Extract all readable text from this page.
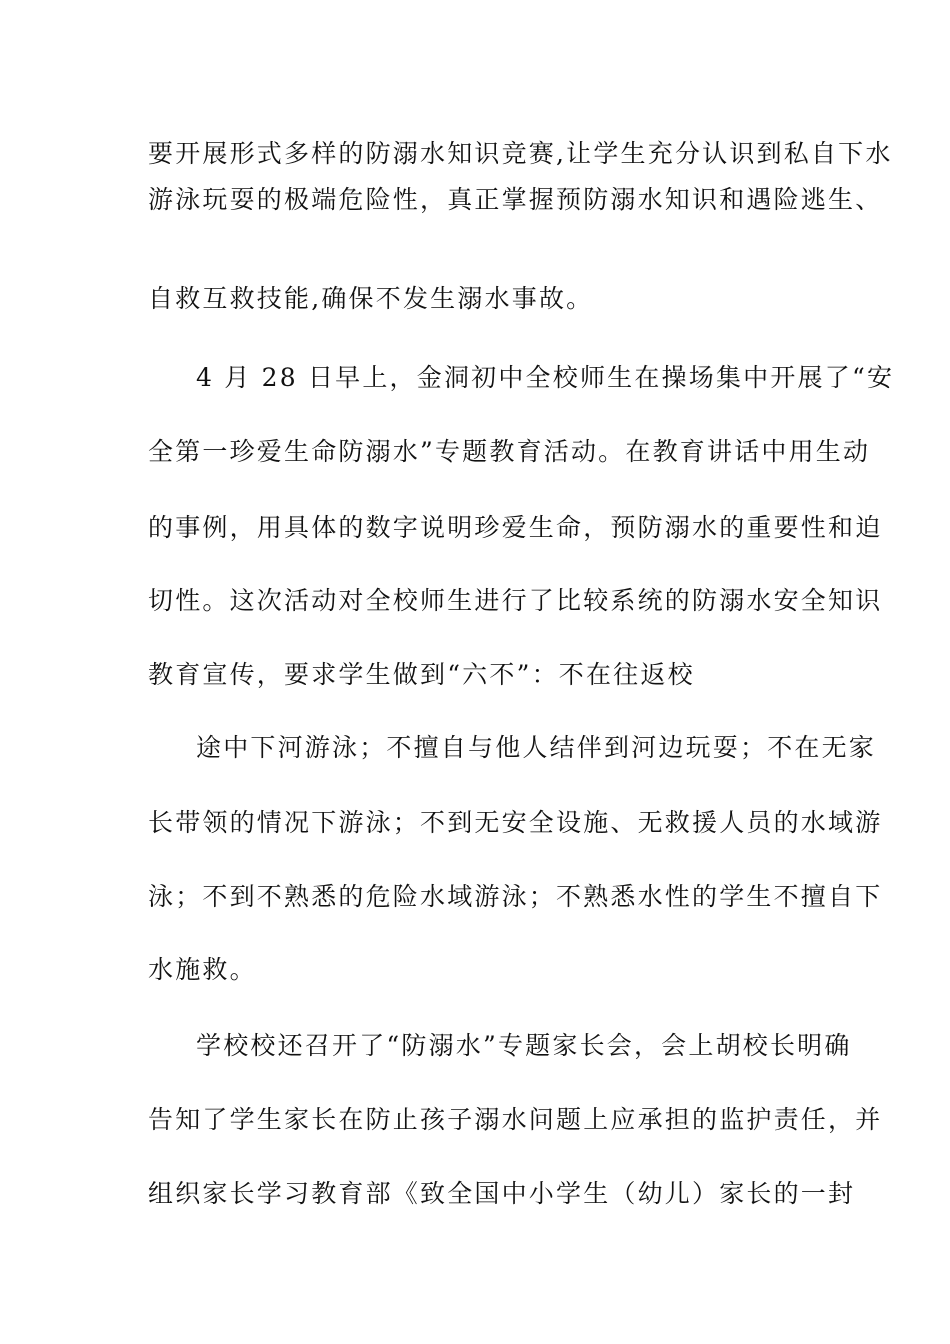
要开展形式多样的防溺水知识竞赛,让学生充分认识到私自下水
游泳玩耍的极端危险性，真正掌握预防溺水知识和遇险逃生、
自救互救技能,确保不发生溺水事故。
4 月 28 日早上，金洞初中全校师生在操场集中开展了“安
全第一珍爱生命防溺水”专题教育活动。在教育讲话中用生动
的事例，用具体的数字说明珍爱生命，预防溺水的重要性和迫
切性。这次活动对全校师生进行了比较系统的防溺水安全知识
教育宣传，要求学生做到“六不”：不在往返校
途中下河游泳；不擅自与他人结伴到河边玩耍；不在无家
长带领的情况下游泳；不到无安全设施、无救援人员的水域游
泳；不到不熟悉的危险水域游泳；不熟悉水性的学生不擅自下
水施救。
学校校还召开了“防溺水”专题家长会，会上胡校长明确
告知了学生家长在防止孩子溺水问题上应承担的监护责任，并
组织家长学习教育部《致全国中小学生（幼儿）家长的一封
